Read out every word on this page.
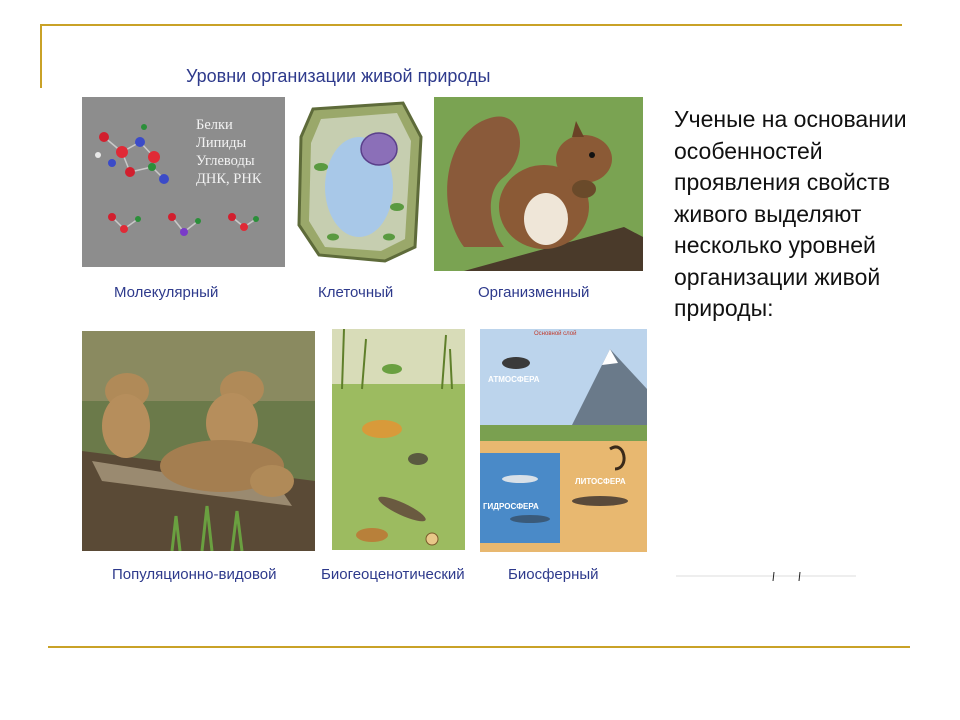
Уровни организации живой природы
Белки
Липиды
Углеводы
ДНК, РНК
Молекулярный	Клеточный	Организменный
Популяционно-видовой	Биогеоценотический
Основной слой
АТМОСФЕРА
ЛИТОСФЕРА
ГИДРОСФЕРА
Биосферный
Ученые на основании особенностей проявления свойств живого выделяют несколько уровней организации живой природы:
